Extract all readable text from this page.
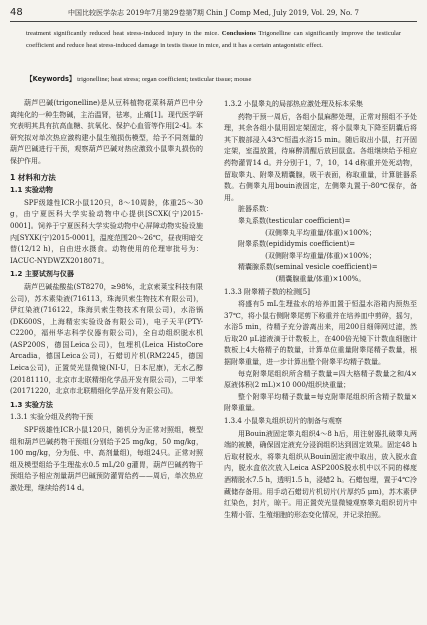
48	中国比较医学杂志 2019年7月第29卷第7期 Chin J Comp Med, July 2019, Vol. 29, No. 7
treatment significantly reduced heat stress-induced injury in the mice. Conclusions Trigonelline can significantly improve the testicular coefficient and reduce heat stress-induced damage in testis tissue in mice, and it has a certain antagonistic effect.
【Keywords】 trigonelline; heat stress; organ coefficient; testicular tissue; mouse

葫芦巴碱(trigonelline)是从豆科植物花菜科葫芦巴中分离纯化的一种生物碱，主治温肾，祛寒，止痛[1]。现代医学研究表明其具有抗高血糖、抗氧化、保护心血管等作用[2-4]。本研究拟对单次热应激构建小鼠生殖损伤模型，给予不同剂量的葫芦巴碱进行干预，观察葫芦巴碱对热应激致小鼠睾丸损伤的保护作用。

1 材料和方法
1.1 实验动物

SPF级雄性ICR小鼠120只，8～10周龄，体重25～30 g，由宁夏医科大学实验动物中心提供[SCXK(宁)2015-0001]。饲养于宁夏医科大学实验动物中心屏障动物实验设施内[SYXK(宁)2015-0001]，温度范围20～26℃，昼夜明暗交替(12/12 h)，自由进水摄食。动物使用的伦理审批号为：IACUC-NYDWZX2018071。

1.2 主要试剂与仪器

葫芦巴碱盐酸盐(ST8270，≥98%，北京索莱宝科技有限公司)，苏木素染液(716113，珠海贝索生物技术有限公司)，伊红染液(716122，珠海贝索生物技术有限公司)，水浴锅(DK600S，上海精宏实验设备有限公司)，电子天平(PTY-C2200，福州华志科学仪器有限公司)，全自动组织脱水机(ASP200S，德国Leica公司)，包埋机(Leica HistoCore Arcadia，德国Leica公司)，石蜡切片机(RM2245，德国Leica公司)，正置荧光显微镜(NI-U，日本尼康)，无水乙醇(20181110，北京市北联精细化学品开发有限公司)，二甲苯(20171220，北京市北联精细化学品开发有限公司)。

1.3 实验方法
1.3.1 实验分组及药物干预

SPF级雄性ICR小鼠120只，随机分为正常对照组，模型组和葫芦巴碱药物干预组(分别给予25 mg/kg，50 mg/kg，100 mg/kg，分为低、中、高剂量组)，每组24只。正常对照组及模型组给予生理盐水0.5 mL/20 g灌胃，葫芦巴碱药物干预组给予相应剂量葫芦巴碱预防灌胃给药——周后，单次热应激处理，继续给药14 d。

1.3.2 小鼠睾丸的局部热应激处理及标本采集

药物干预一周后，各组小鼠麻醉处理，正常对照组不予处理，其余各组小鼠用固定架固定，将小鼠睾丸下降至阴囊后将其下腹部浸入43℃恒温水浴15 min。随后取出小鼠，打开固定架，室温放置，待麻醉清醒后放回鼠盒。各组继续给予相应药物灌胃14 d。并分别于1，7，10，14 d称重并处死动物，留取睾丸、附睾及精囊腺，吸干表面，称取重量，计算脏器系数。右侧睾丸用bouin液固定，左侧睾丸置于-80℃保存，备用。

脏器系数：

睾丸系数(testicular coefficient)=

(双侧睾丸平均重量/体重)×100%；

附睾系数(epididymis coefficient)=

(双侧附睾平均重量/体重)×100%；

精囊腺系数(seminal vesicle coefficient)=

(精囊腺重量/体重)×100%。

1.3.3 附睾精子数的检测[5]

将盛有5 mL生理盐水的培养皿置于恒温水浴箱内预热至37℃，将小鼠右侧附睾尾剪下称重并在培养皿中剪碎，摇匀，水浴5 min，待精子充分游离出来，用200目细筛网过滤，然后取20 μL滤液滴于计数板上，在400倍光镜下计数血细胞计数板上4大格精子的数量，计算单位重量附睾尾精子数量，根据附睾重量，进一步计算出整个附睾平均精子数量。

每克附睾尾组织所含精子数量=四大格精子数量之和/4×原液体积(2 mL)×10 000/组织块重量；

整个附睾平均精子数量=每克附睾尾组织所含精子数量×附睾重量。

1.3.4 小鼠睾丸组织切片的制备与观察

用Bouin液固定睾丸组织4～8 h后，用注射器扎破睾丸两端的被膜，确保固定液充分浸润组织达到固定效果。固定48 h后取材脱水，将睾丸组织从Bouin固定液中取出，放入脱水盒内，脱水盒依次放入Leica ASP200S脱水机中以不同的梯度酒精脱水7.5 h，透明1.5 h，浸蜡2 h。石蜡包埋，置于4℃冷藏储存备用。用手动石蜡切片机切片(片厚约5 μm)，苏木素伊红染色，封片，晾干。用正置荧光显微镜观察睾丸组织切片中生精小管、生殖细胞的形态变化情况，并记录拍照。
